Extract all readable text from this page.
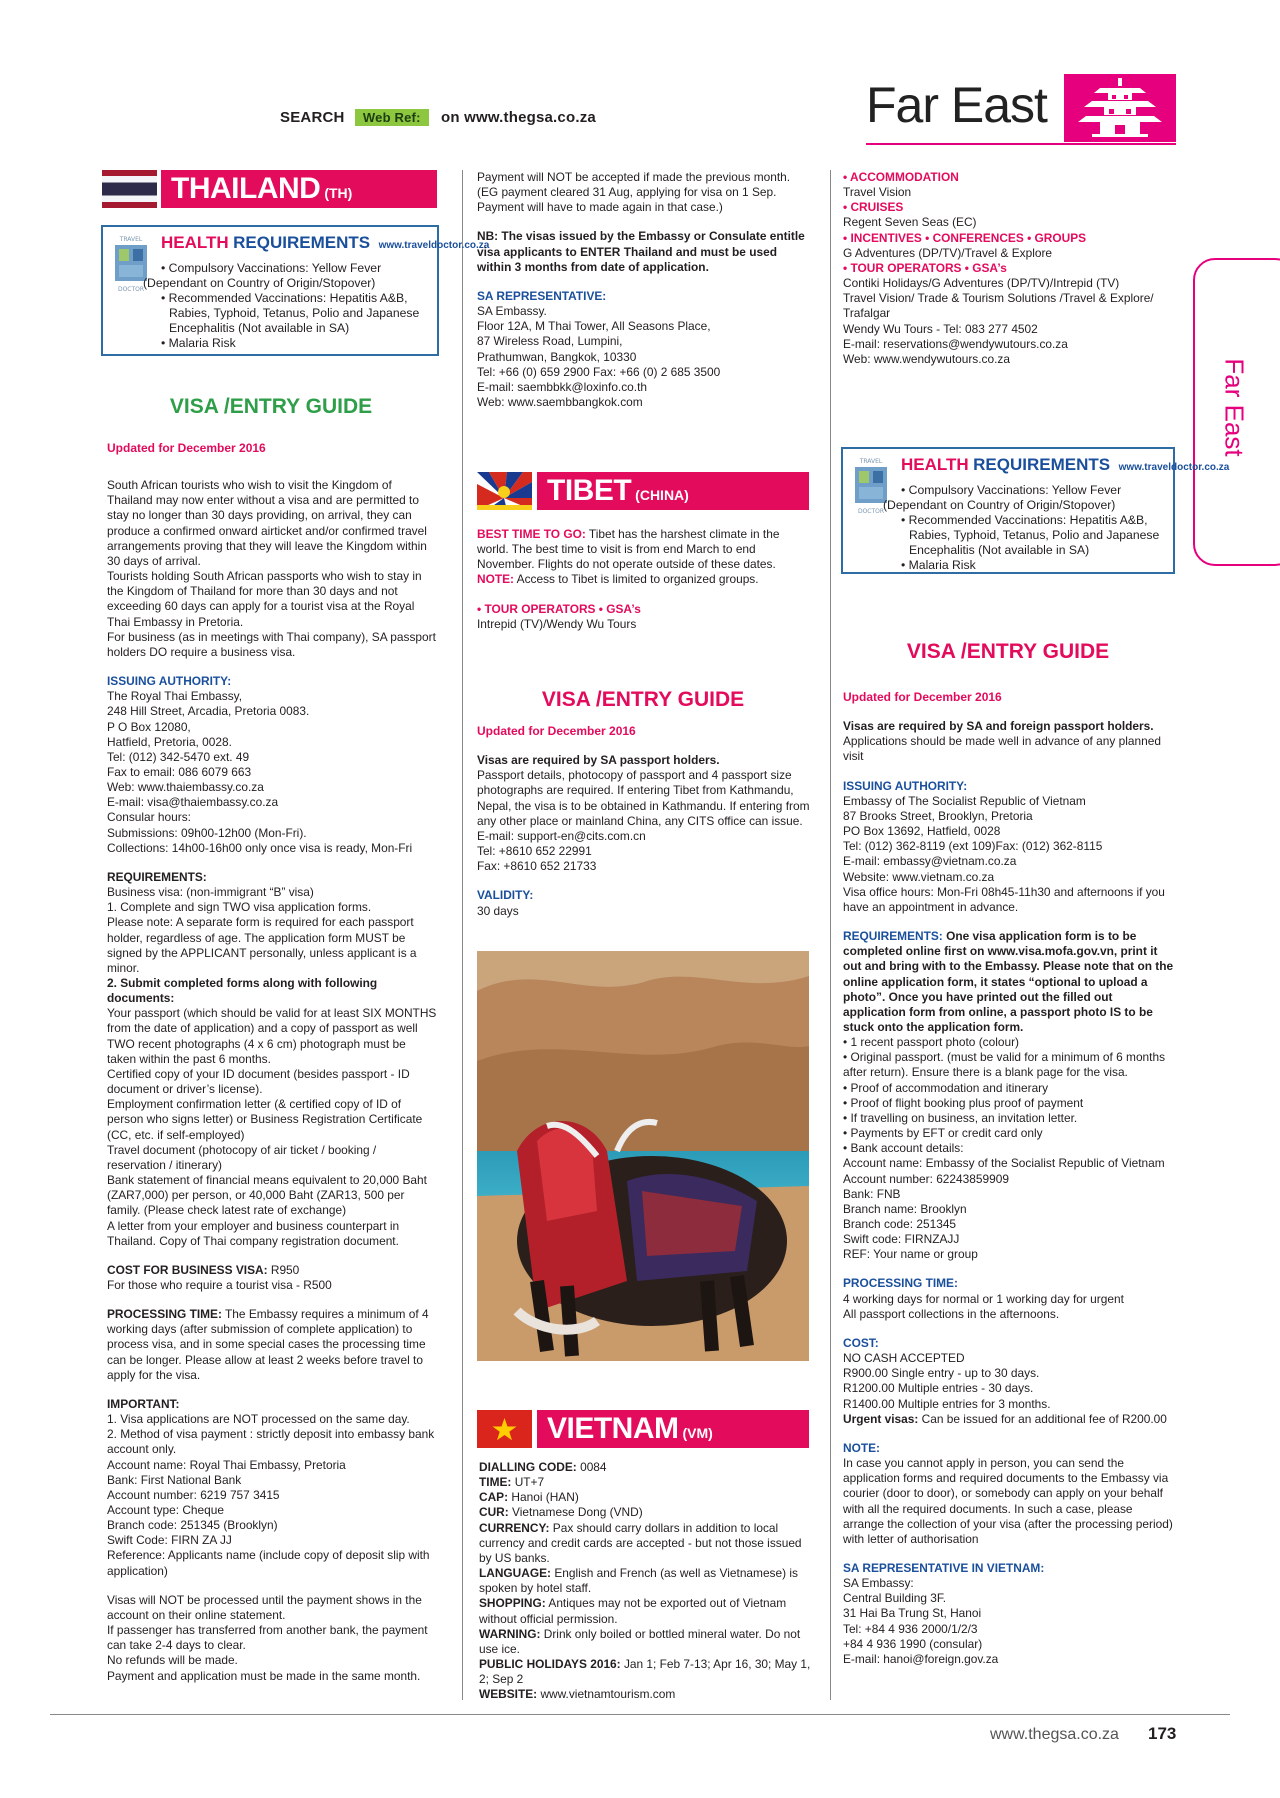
SEARCH Web Ref: on www.thegsa.co.za	Far East
Far East
THAILAND (TH)
TRAVEL
DOCTOR
HEALTH REQUIREMENTS www.traveldoctor.co.za
• Compulsory Vaccinations: Yellow Fever
(Dependant on Country of Origin/Stopover)
• Recommended Vaccinations: Hepatitis A&B,
Rabies, Typhoid, Tetanus, Polio and Japanese
Encephalitis (Not available in SA)
• Malaria Risk
VISA /ENTRY GUIDE

Updated for December 2016

South African tourists who wish to visit the Kingdom of Thailand may now enter without a visa and are permitted to stay no longer than 30 days providing, on arrival, they can produce a confirmed onward airticket and/or confirmed travel arrangements proving that they will leave the Kingdom within 30 days of arrival.

Tourists holding South African passports who wish to stay in the Kingdom of Thailand for more than 30 days and not exceeding 60 days can apply for a tourist visa at the Royal Thai Embassy in Pretoria.

For business (as in meetings with Thai company), SA passport holders DO require a business visa.

ISSUING AUTHORITY:

The Royal Thai Embassy,

248 Hill Street, Arcadia, Pretoria 0083.

P O Box 12080,

Hatfield, Pretoria, 0028.

Tel: (012) 342-5470 ext. 49

Fax to email: 086 6079 663

Web: www.thaiembassy.co.za

E-mail: visa@thaiembassy.co.za

Consular hours:

Submissions: 09h00-12h00 (Mon-Fri).

Collections: 14h00-16h00 only once visa is ready, Mon-Fri

REQUIREMENTS:

Business visa: (non-immigrant “B” visa)

1. Complete and sign TWO visa application forms.

Please note: A separate form is required for each passport holder, regardless of age. The application form MUST be signed by the APPLICANT personally, unless applicant is a minor.

2. Submit completed forms along with following documents:

Your passport (which should be valid for at least SIX MONTHS from the date of application) and a copy of passport as well

TWO recent photographs (4 x 6 cm) photograph must be taken within the past 6 months.

Certified copy of your ID document (besides passport - ID document or driver’s license).

Employment confirmation letter (& certified copy of ID of person who signs letter) or Business Registration Certificate (CC, etc. if self-employed)

Travel document (photocopy of air ticket / booking / reservation / itinerary)

Bank statement of financial means equivalent to 20,000 Baht (ZAR7,000) per person, or 40,000 Baht (ZAR13, 500 per family. (Please check latest rate of exchange)

A letter from your employer and business counterpart in Thailand. Copy of Thai company registration document.

COST FOR BUSINESS VISA: R950

For those who require a tourist visa - R500

PROCESSING TIME: The Embassy requires a minimum of 4 working days (after submission of complete application) to process visa, and in some special cases the processing time can be longer. Please allow at least 2 weeks before travel to apply for the visa.

IMPORTANT:

1. Visa applications are NOT processed on the same day.

2. Method of visa payment : strictly deposit into embassy bank account only.

Account name: Royal Thai Embassy, Pretoria

Bank: First National Bank

Account number: 6219 757 3415

Account type: Cheque

Branch code: 251345 (Brooklyn)

Swift Code: FIRN ZA JJ

Reference: Applicants name (include copy of deposit slip with application)

Visas will NOT be processed until the payment shows in the account on their online statement.

If passenger has transferred from another bank, the payment can take 2-4 days to clear.

No refunds will be made.

Payment and application must be made in the same month.

Payment will NOT be accepted if made the previous month. (EG payment cleared 31 Aug, applying for visa on 1 Sep. Payment will have to made again in that case.)

NB: The visas issued by the Embassy or Consulate entitle visa applicants to ENTER Thailand and must be used within 3 months from date of application.

SA REPRESENTATIVE:

SA Embassy.

Floor 12A, M Thai Tower, All Seasons Place,

87 Wireless Road, Lumpini,

Prathumwan, Bangkok, 10330

Tel: +66 (0) 659 2900 Fax: +66 (0) 2 685 3500

E-mail: saembbkk@loxinfo.co.th

Web: www.saembbangkok.com

TIBET (CHINA)

BEST TIME TO GO: Tibet has the harshest climate in the world. The best time to visit is from end March to end November. Flights do not operate outside of these dates.

NOTE: Access to Tibet is limited to organized groups.

• TOUR OPERATORS • GSA’s

Intrepid (TV)/Wendy Wu Tours

VISA /ENTRY GUIDE

Updated for December 2016

Visas are required by SA passport holders.

Passport details, photocopy of passport and 4 passport size photographs are required. If entering Tibet from Kathmandu, Nepal, the visa is to be obtained in Kathmandu. If entering from any other place or mainland China, any CITS office can issue.

E-mail: support-en@cits.com.cn

Tel: +8610 652 22991

Fax: +8610 652 21733

VALIDITY:

30 days

VIETNAM (VM)

DIALLING CODE: 0084

TIME: UT+7

CAP: Hanoi (HAN)

CUR: Vietnamese Dong (VND)

CURRENCY: Pax should carry dollars in addition to local currency and credit cards are accepted - but not those issued by US banks.

LANGUAGE: English and French (as well as Vietnamese) is spoken by hotel staff.

SHOPPING: Antiques may not be exported out of Vietnam without official permission.

WARNING: Drink only boiled or bottled mineral water. Do not use ice.

PUBLIC HOLIDAYS 2016: Jan 1; Feb 7-13; Apr 16, 30; May 1, 2; Sep 2

WEBSITE: www.vietnamtourism.com

• ACCOMMODATION

Travel Vision

• CRUISES

Regent Seven Seas (EC)

• INCENTIVES • CONFERENCES • GROUPS

G Adventures (DP/TV)/Travel & Explore

• TOUR OPERATORS • GSA’s

Contiki Holidays/G Adventures (DP/TV)/Intrepid (TV)

Travel Vision/ Trade & Tourism Solutions /Travel & Explore/ Trafalgar

Wendy Wu Tours - Tel: 083 277 4502

E-mail: reservations@wendywutours.co.za

Web: www.wendywutours.co.za

TRAVEL
DOCTOR
HEALTH REQUIREMENTS www.traveldoctor.co.za
• Compulsory Vaccinations: Yellow Fever
(Dependant on Country of Origin/Stopover)
• Recommended Vaccinations: Hepatitis A&B,
Rabies, Typhoid, Tetanus, Polio and Japanese
Encephalitis (Not available in SA)
• Malaria Risk
VISA /ENTRY GUIDE

Updated for December 2016

Visas are required by SA and foreign passport holders.

Applications should be made well in advance of any planned visit

ISSUING AUTHORITY:

Embassy of The Socialist Republic of Vietnam

87 Brooks Street, Brooklyn, Pretoria

PO Box 13692, Hatfield, 0028

Tel: (012) 362-8119 (ext 109)Fax: (012) 362-8115

E-mail: embassy@vietnam.co.za

Website: www.vietnam.co.za

Visa office hours: Mon-Fri 08h45-11h30 and afternoons if you have an appointment in advance.

REQUIREMENTS: One visa application form is to be completed online first on www.visa.mofa.gov.vn, print it out and bring with to the Embassy. Please note that on the online application form, it states “optional to upload a photo”. Once you have printed out the filled out application form from online, a passport photo IS to be stuck onto the application form.

• 1 recent passport photo (colour)

• Original passport. (must be valid for a minimum of 6 months after return). Ensure there is a blank page for the visa.

• Proof of accommodation and itinerary

• Proof of flight booking plus proof of payment

• If travelling on business, an invitation letter.

• Payments by EFT or credit card only

• Bank account details:

Account name: Embassy of the Socialist Republic of Vietnam

Account number: 62243859909

Bank: FNB

Branch name: Brooklyn

Branch code: 251345

Swift code: FIRNZAJJ

REF: Your name or group

PROCESSING TIME:

4 working days for normal or 1 working day for urgent

All passport collections in the afternoons.

COST:

NO CASH ACCEPTED

R900.00 Single entry - up to 30 days.

R1200.00 Multiple entries - 30 days.

R1400.00 Multiple entries for 3 months.

Urgent visas: Can be issued for an additional fee of R200.00

NOTE:

In case you cannot apply in person, you can send the application forms and required documents to the Embassy via courier (door to door), or somebody can apply on your behalf with all the required documents. In such a case, please arrange the collection of your visa (after the processing period) with letter of authorisation

SA REPRESENTATIVE IN VIETNAM:

SA Embassy:

Central Building 3F.

31 Hai Ba Trung St, Hanoi

Tel: +84 4 936 2000/1/2/3

+84 4 936 1990 (consular)

E-mail: hanoi@foreign.gov.za

www.thegsa.co.za 173
